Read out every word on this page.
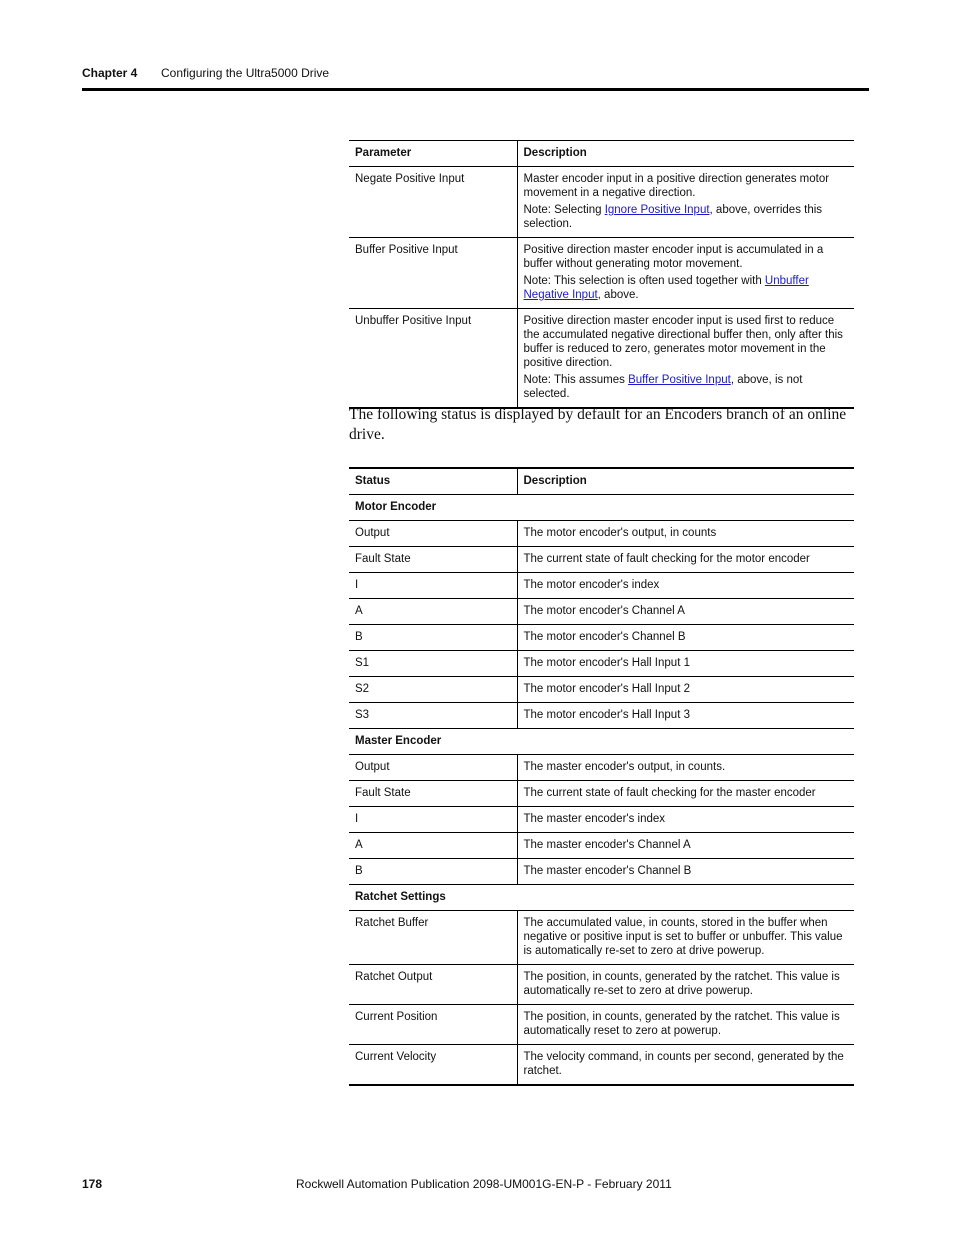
Chapter 4 Configuring the Ultra5000 Drive
Parameter	Description
Negate Positive Input	Master encoder input in a positive direction generates motor movement in a negative direction.
Note: Selecting Ignore Positive Input, above, overrides this selection.

Buffer Positive Input	Positive direction master encoder input is accumulated in a buffer without generating motor movement.
Note: This selection is often used together with Unbuffer Negative Input, above.

Unbuffer Positive Input	Positive direction master encoder input is used first to reduce the accumulated negative directional buffer then, only after this buffer is reduced to zero, generates motor movement in the positive direction.
Note: This assumes Buffer Positive Input, above, is not selected.
The following status is displayed by default for an Encoders branch of an online drive.
Status	Description
Motor Encoder	
Output	The motor encoder's output, in counts
Fault State	The current state of fault checking for the motor encoder
I	The motor encoder's index
A	The motor encoder's Channel A
B	The motor encoder's Channel B
S1	The motor encoder's Hall Input 1
S2	The motor encoder's Hall Input 2
S3	The motor encoder's Hall Input 3
Master Encoder	
Output	The master encoder's output, in counts.
Fault State	The current state of fault checking for the master encoder
I	The master encoder's index
A	The master encoder's Channel A
B	The master encoder's Channel B
Ratchet Settings	
Ratchet Buffer	The accumulated value, in counts, stored in the buffer when negative or positive input is set to buffer or unbuffer. This value is automatically re-set to zero at drive powerup.
Ratchet Output	The position, in counts, generated by the ratchet. This value is automatically re-set to zero at drive powerup.
Current Position	The position, in counts, generated by the ratchet. This value is automatically reset to zero at powerup.
Current Velocity	The velocity command, in counts per second, generated by the ratchet.
178	Rockwell Automation Publication 2098-UM001G-EN-P - February 2011
